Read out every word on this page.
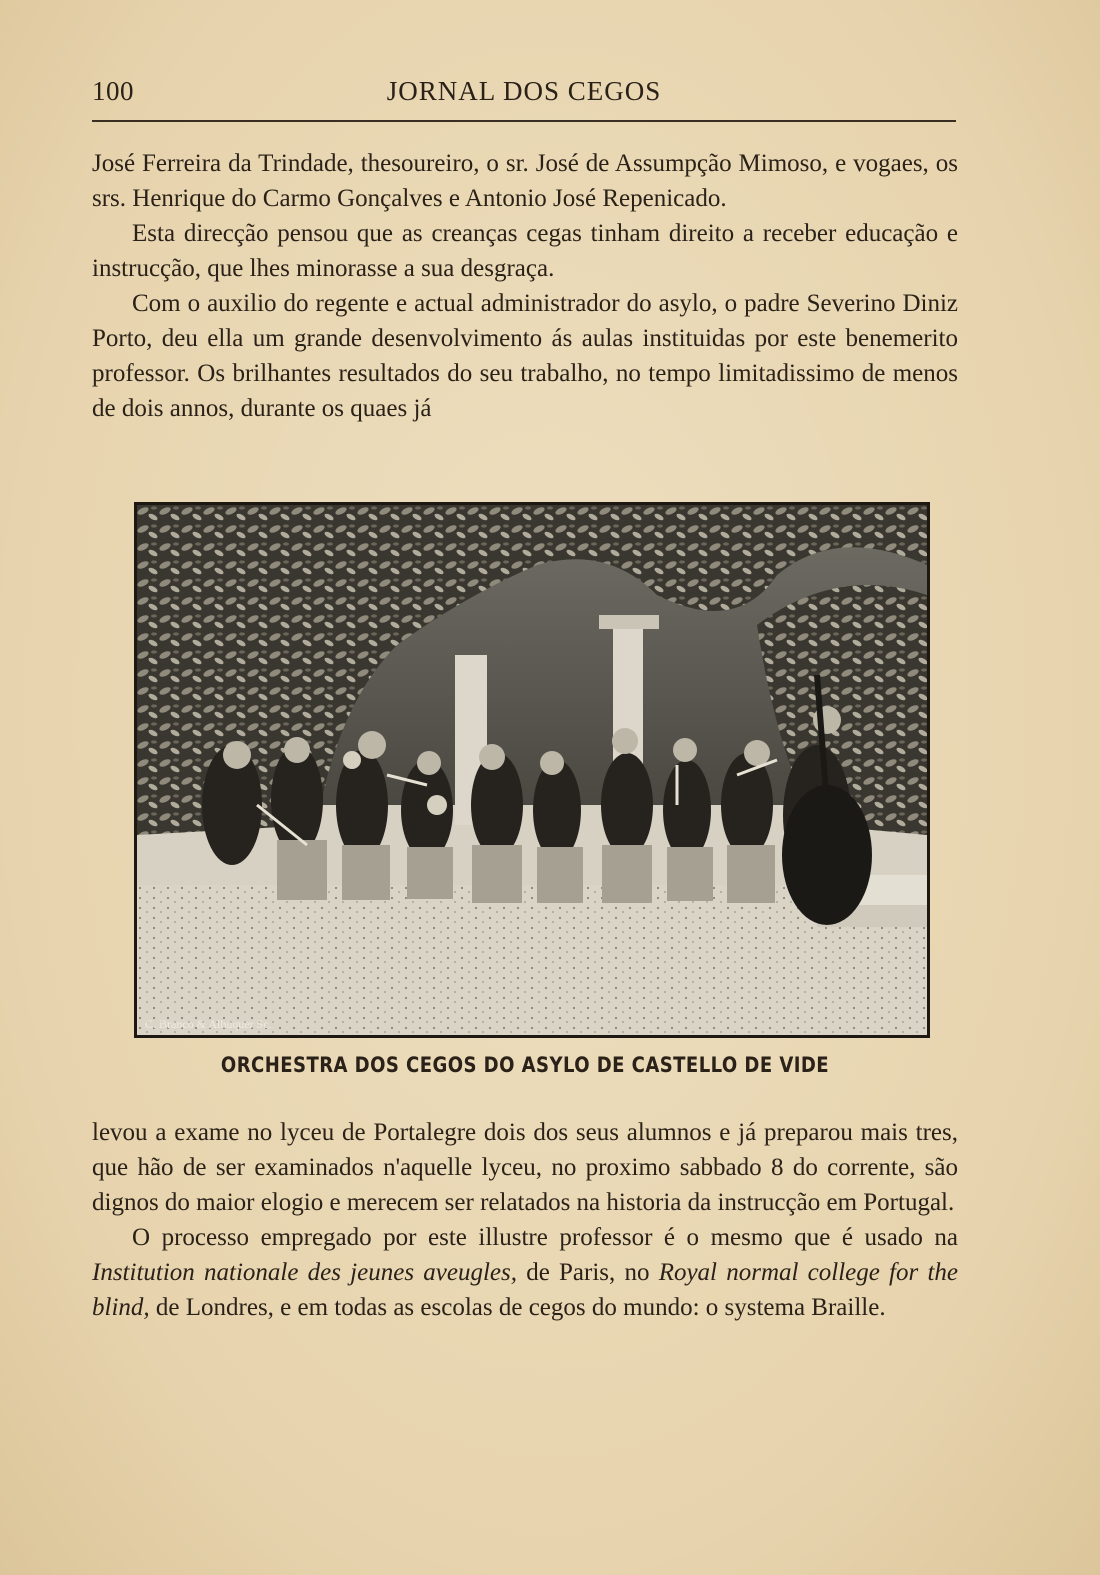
100	JORNAL DOS CEGOS

José Ferreira da Trindade, thesoureiro, o sr. José de Assumpção Mimoso, e vogaes, os srs. Henrique do Carmo Gonçalves e Antonio José Repenicado.

Esta direcção pensou que as creanças cegas tinham direito a receber educação e instrucção, que lhes minorasse a sua desgraça.

Com o auxilio do regente e actual administrador do asylo, o padre Severino Diniz Porto, deu ella um grande desenvolvimento ás aulas instituidas por este benemerito professor. Os brilhantes resultados do seu trabalho, no tempo limitadissimo de menos de dois annos, durante os quaes já

C. Branco & Albuquer Sc.
ORCHESTRA DOS CEGOS DO ASYLO DE CASTELLO DE VIDE

levou a exame no lyceu de Portalegre dois dos seus alumnos e já preparou mais tres, que hão de ser examinados n'aquelle lyceu, no proximo sabbado 8 do corrente, são dignos do maior elogio e merecem ser relatados na historia da instrucção em Portugal.

O processo empregado por este illustre professor é o mesmo que é usado na Institution nationale des jeunes aveugles, de Paris, no Royal normal college for the blind, de Londres, e em todas as escolas de cegos do mundo: o systema Braille.
